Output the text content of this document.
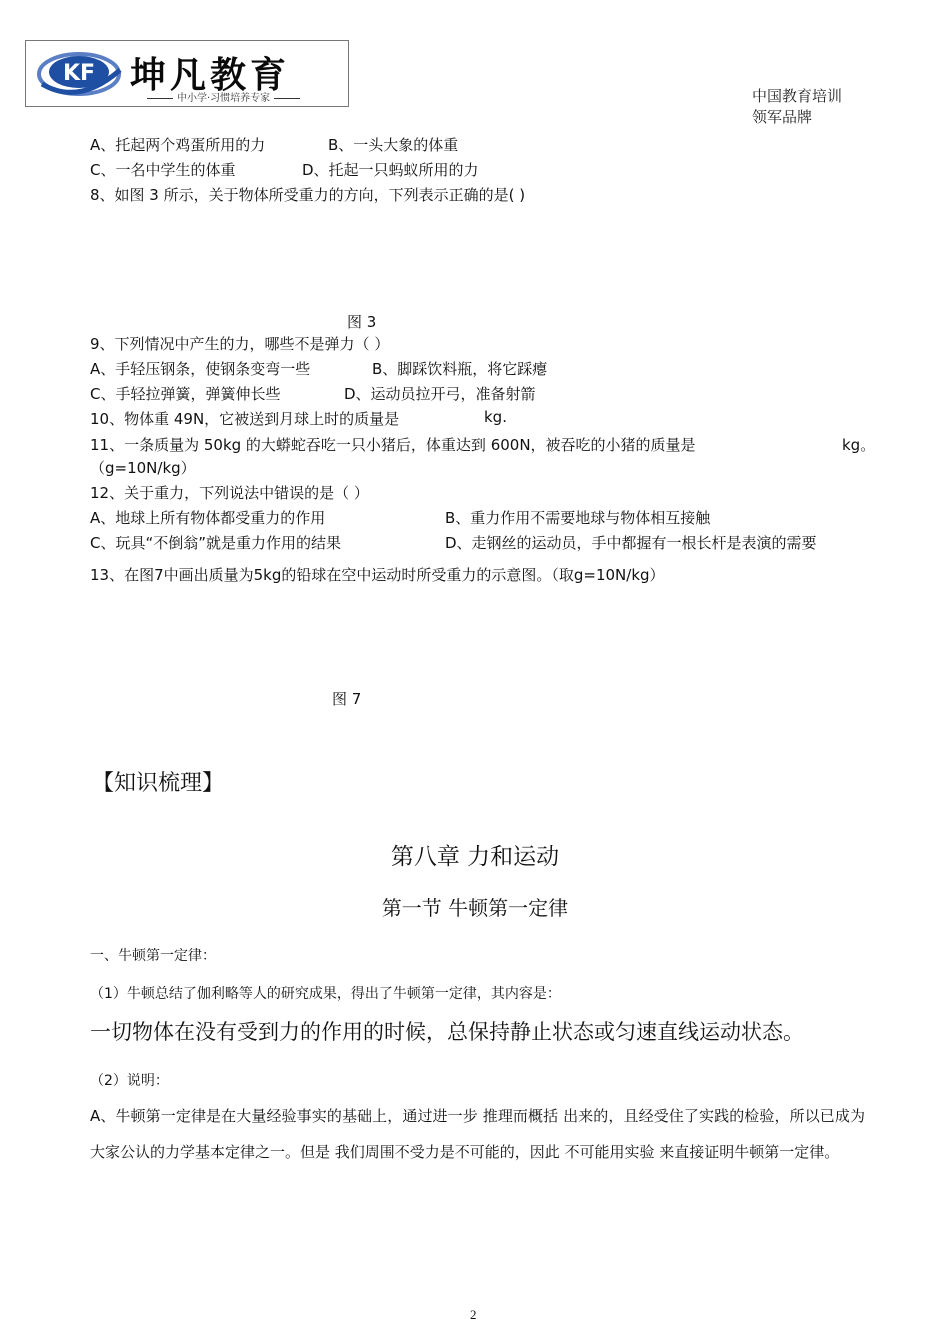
KF 坤凡教育
中小学·习惯培养专家	中国教育培训
领军品牌
A、托起两个鸡蛋所用的力	B、一头大象的体重
C、一名中学生的体重	D、托起一只蚂蚁所用的力
8、如图 3 所示，关于物体所受重力的方向，下列表示正确的是( )
图 3
9、下列情况中产生的力，哪些不是弹力（ ）
A、手轻压钢条，使钢条变弯一些	B、脚踩饮料瓶，将它踩瘪
C、手轻拉弹簧，弹簧伸长些	D、运动员拉开弓，准备射箭
10、物体重 49N，它被送到月球上时的质量是	kg.
11、一条质量为 50kg 的大蟒蛇吞吃一只小猪后，体重达到 600N，被吞吃的小猪的质量是	kg。
（g=10N/kg）
12、关于重力，下列说法中错误的是（ ）
A、地球上所有物体都受重力的作用	B、重力作用不需要地球与物体相互接触
C、玩具“不倒翁”就是重力作用的结果	D、走钢丝的运动员，手中都握有一根长杆是表演的需要
13、在图7中画出质量为5kg的铅球在空中运动时所受重力的示意图。（取g=10N/kg）
图 7
【知识梳理】
第八章 力和运动
第一节 牛顿第一定律
一、牛顿第一定律：
（1）牛顿总结了伽利略等人的研究成果，得出了牛顿第一定律，其内容是：
一切物体在没有受到力的作用的时候，总保持静止状态或匀速直线运动状态。
（2）说明：
A、牛顿第一定律是在大量经验事实的基础上，通过进一步 推理而概括 出来的，且经受住了实践的检验，所以已成为大家公认的力学基本定律之一。但是 我们周围不受力是不可能的，因此 不可能用实验 来直接证明牛顿第一定律。
2
